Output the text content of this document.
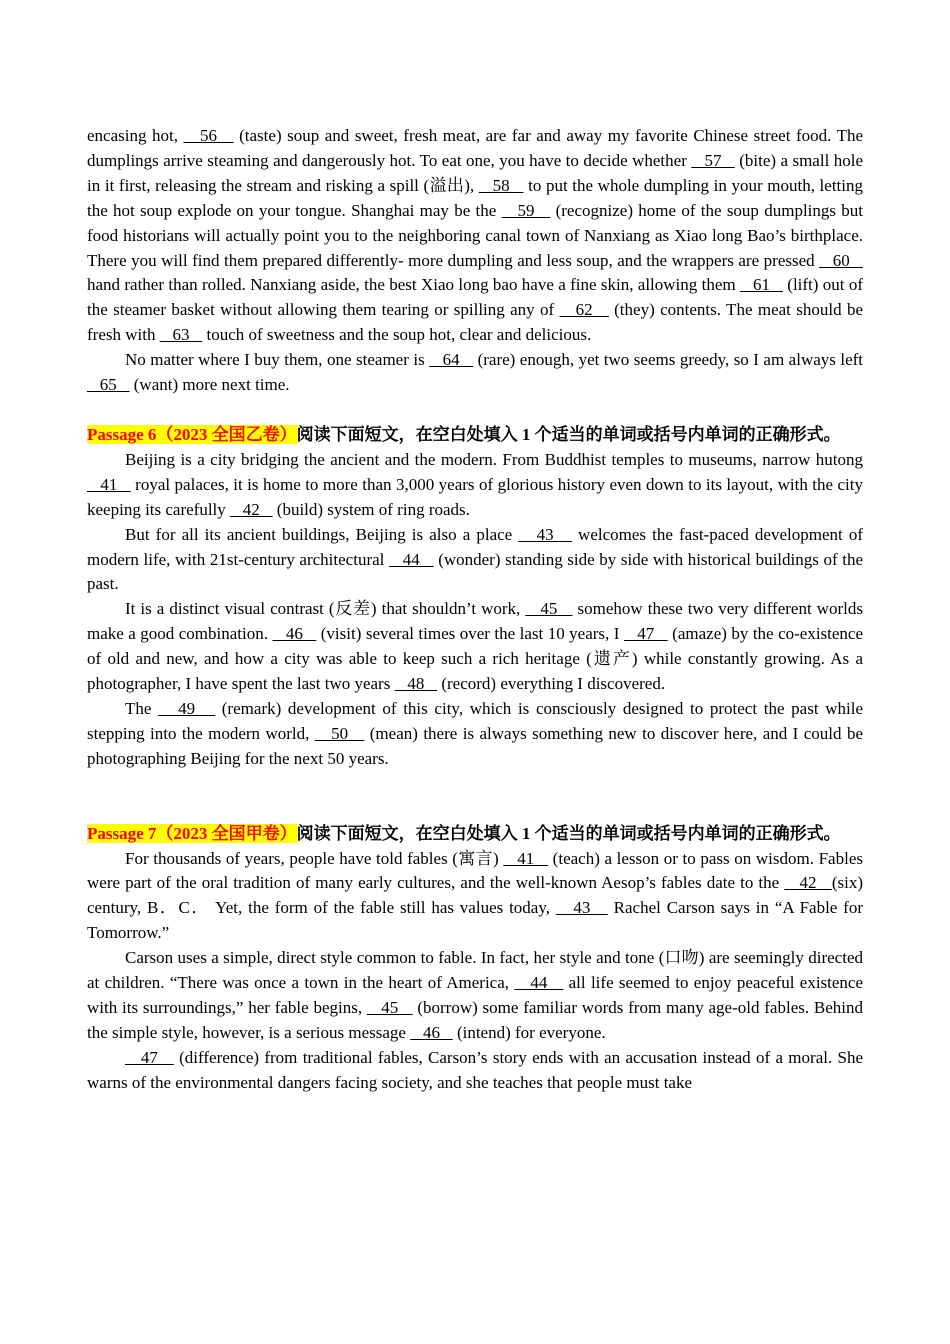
encasing hot,    56    (taste) soup and sweet, fresh meat, are far and away my favorite Chinese street food. The dumplings arrive steaming and dangerously hot. To eat one, you have to decide whether    57    (bite) a small hole in it first, releasing the stream and risking a spill (溢出),    58    to put the whole dumpling in your mouth, letting the hot soup explode on your tongue. Shanghai may be the    59    (recognize) home of the soup dumplings but food historians will actually point you to the neighboring canal town of Nanxiang as Xiao long Bao’s birthplace. There you will find them prepared differently- more dumpling and less soup, and the wrappers are pressed    60    hand rather than rolled. Nanxiang aside, the best Xiao long bao have a fine skin, allowing them    61    (lift) out of the steamer basket without allowing them tearing or spilling any of    62    (they) contents. The meat should be fresh with    63    touch of sweetness and the soup hot, clear and delicious.

No matter where I buy them, one steamer is    64    (rare) enough, yet two seems greedy, so I am always left    65    (want) more next time.

Passage 6（2023 全国乙卷）阅读下面短文，在空白处填入 1 个适当的单词或括号内单词的正确形式。

Beijing is a city bridging the ancient and the modern. From Buddhist temples to museums, narrow hutong    41    royal palaces, it is home to more than 3,000 years of glorious history even down to its layout, with the city keeping its carefully    42    (build) system of ring roads.

But for all its ancient buildings, Beijing is also a place    43    welcomes the fast-paced development of modern life, with 21st-century architectural    44    (wonder) standing side by side with historical buildings of the past.

It is a distinct visual contrast (反差) that shouldn’t work,    45    somehow these two very different worlds make a good combination.    46    (visit) several times over the last 10 years, I    47    (amaze) by the co-existence of old and new, and how a city was able to keep such a rich heritage (遗产) while constantly growing. As a photographer, I have spent the last two years    48    (record) everything I discovered.

The    49    (remark) development of this city, which is consciously designed to protect the past while stepping into the modern world,    50    (mean) there is always something new to discover here, and I could be photographing Beijing for the next 50 years.

Passage 7（2023 全国甲卷）阅读下面短文，在空白处填入 1 个适当的单词或括号内单词的正确形式。

For thousands of years, people have told fables (寓言)    41    (teach) a lesson or to pass on wisdom. Fables were part of the oral tradition of many early cultures, and the well-known Aesop’s fables date to the    42   (six) century, B．C． Yet, the form of the fable still has values today,    43    Rachel Carson says in “A Fable for Tomorrow.”

Carson uses a simple, direct style common to fable. In fact, her style and tone (口吻) are seemingly directed at children. “There was once a town in the heart of America,    44    all life seemed to enjoy peaceful existence with its surroundings,” her fable begins,    45    (borrow) some familiar words from many age-old fables. Behind the simple style, however, is a serious message    46    (intend) for everyone.

47    (difference) from traditional fables, Carson’s story ends with an accusation instead of a moral. She warns of the environmental dangers facing society, and she teaches that people must take
